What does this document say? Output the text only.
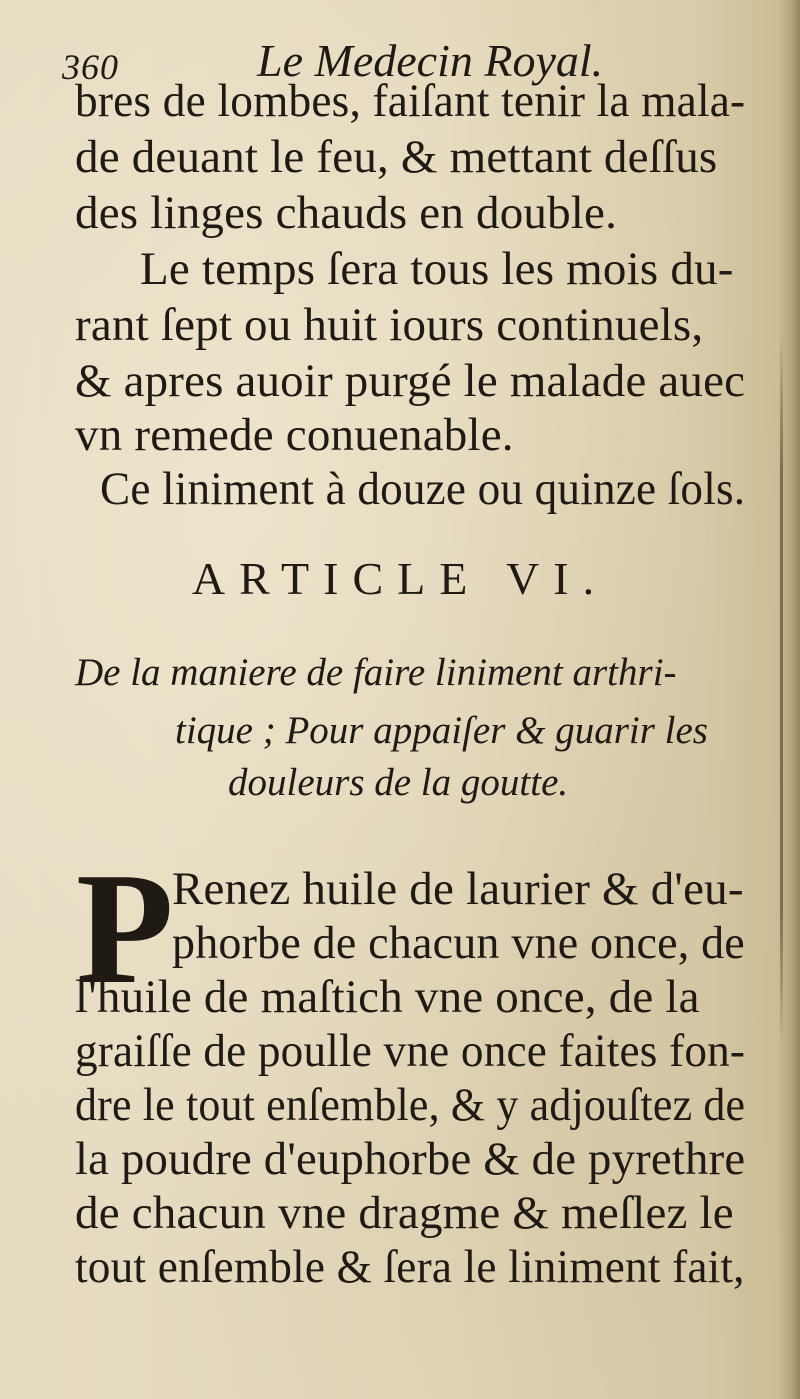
360	Le Medecin Royal.
bres de lombes, faiſant tenir la mala-
de deuant le feu, & mettant deſſus
des linges chauds en double.
Le temps ſera tous les mois du-
rant ſept ou huit iours continuels,
& apres auoir purgé le malade auec
vn remede conuenable.
Ce liniment à douze ou quinze ſols.
ARTICLE VI.
De la maniere de faire liniment arthri-
tique ; Pour appaiſer & guarir les
douleurs de la goutte.
P
Renez huile de laurier & d'eu-
phorbe de chacun vne once, de
l'huile de maſtich vne once, de la
graiſſe de poulle vne once faites fon-
dre le tout enſemble, & y adjouſtez de
la poudre d'euphorbe & de pyrethre
de chacun vne dragme & meſlez le
tout enſemble & ſera le liniment fait,
